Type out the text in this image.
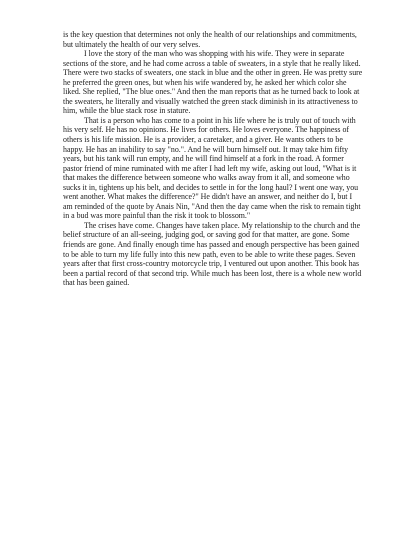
is the key question that determines not only the health of our relationships and commitments, but ultimately the health of our very selves.

I love the story of the man who was shopping with his wife. They were in separate sections of the store, and he had come across a table of sweaters, in a style that he really liked. There were two stacks of sweaters, one stack in blue and the other in green. He was pretty sure he preferred the green ones, but when his wife wandered by, he asked her which color she liked. She replied, "The blue ones." And then the man reports that as he turned back to look at the sweaters, he literally and visually watched the green stack diminish in its attractiveness to him, while the blue stack rose in stature.

That is a person who has come to a point in his life where he is truly out of touch with his very self. He has no opinions. He lives for others. He loves everyone. The happiness of others is his life mission. He is a provider, a caretaker, and a giver. He wants others to be happy. He has an inability to say "no.". And he will burn himself out. It may take him fifty years, but his tank will run empty, and he will find himself at a fork in the road. A former pastor friend of mine ruminated with me after I had left my wife, asking out loud, "What is it that makes the difference between someone who walks away from it all, and someone who sucks it in, tightens up his belt, and decides to settle in for the long haul? I went one way, you went another. What makes the difference?" He didn't have an answer, and neither do I, but I am reminded of the quote by Anais Nin, "And then the day came when the risk to remain tight in a bud was more painful than the risk it took to blossom."

The crises have come. Changes have taken place. My relationship to the church and the belief structure of an all-seeing, judging god, or saving god for that matter, are gone. Some friends are gone. And finally enough time has passed and enough perspective has been gained to be able to turn my life fully into this new path, even to be able to write these pages. Seven years after that first cross-country motorcycle trip, I ventured out upon another. This book has been a partial record of that second trip. While much has been lost, there is a whole new world that has been gained.
